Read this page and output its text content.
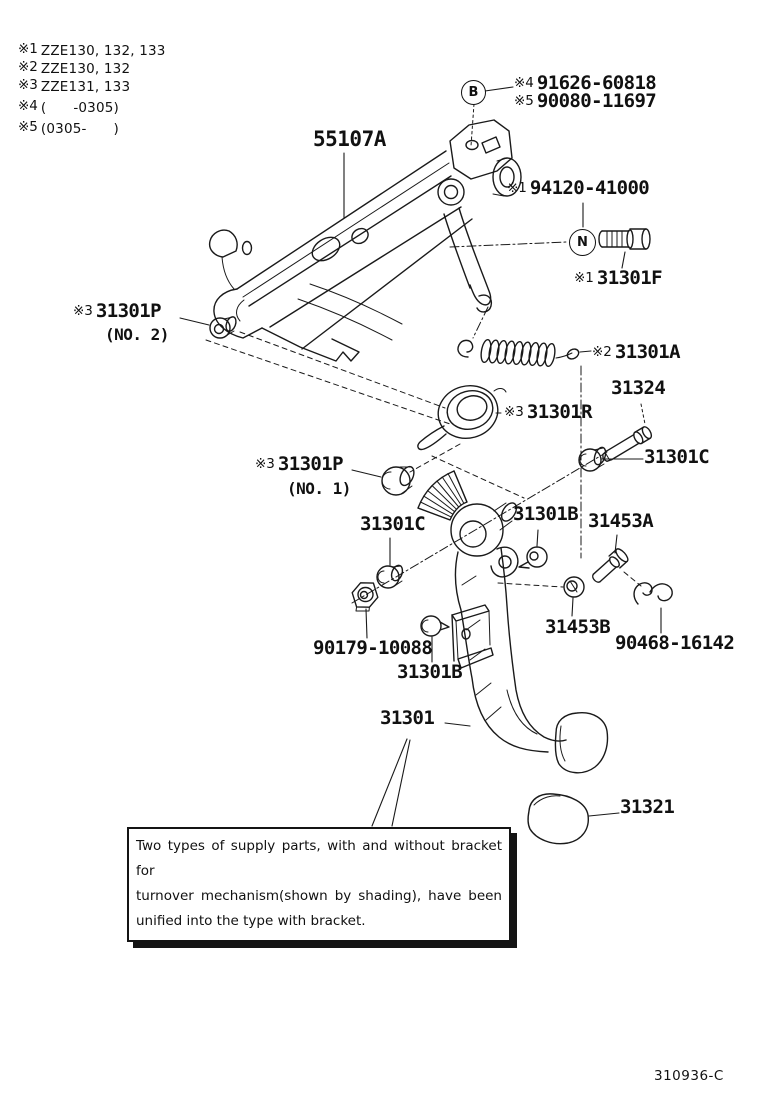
※1 ZZE130, 132, 133
※2 ZZE130, 132
※3 ZZE131, 133
※4 (      -0305)
※5 (0305-      )
B
N
55107A
※4 91626-60818
※5 90080-11697
※1 94120-41000
※1 31301F
※3 31301P
(NO. 2)
※2 31301A
31324
※3 31301R
31301C
※3 31301P
(NO. 1)
31301C	31301B 31453A
31453B
90179-10088	90468-16142
31301B
31301
31321
Two types of supply parts, with and without bracket for
turnover mechanism(shown by shading), have been
unified into the type with bracket.
310936-C
